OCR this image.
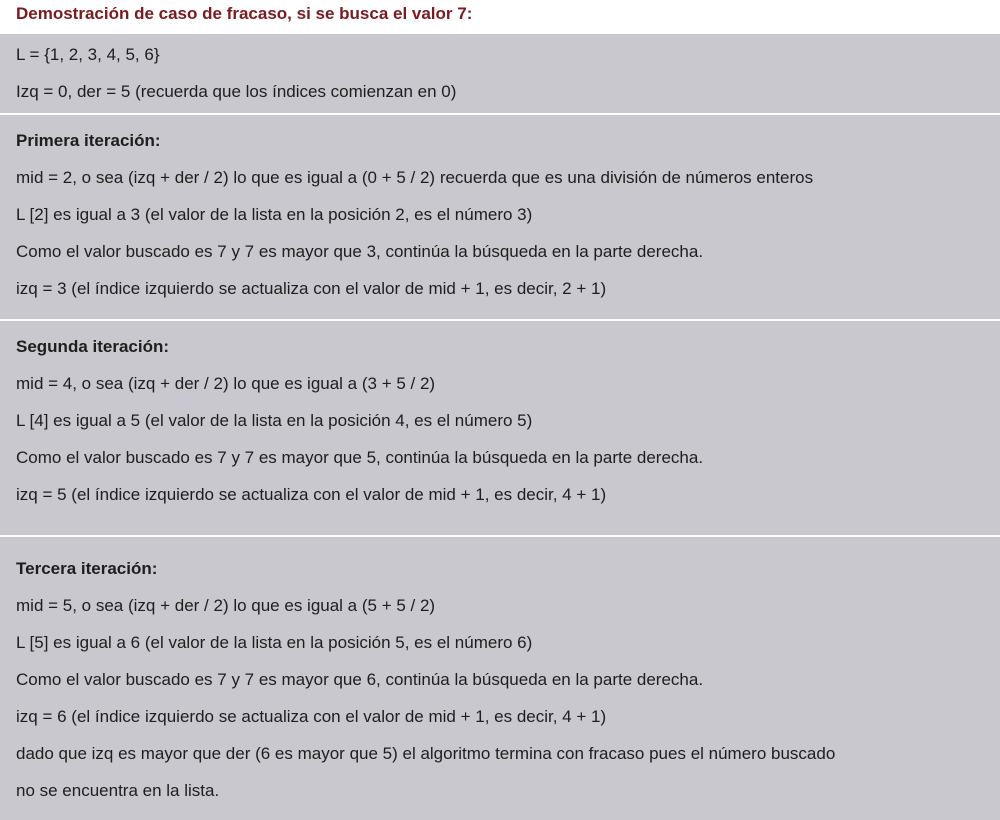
Demostración de caso de fracaso, si se busca el valor 7:
L = {1, 2, 3, 4, 5, 6}
Izq = 0, der = 5 (recuerda que los índices comienzan en 0)
Primera iteración:
mid = 2, o sea (izq + der / 2) lo que es igual a (0 + 5 / 2) recuerda que es una división de números enteros
L [2] es igual a 3 (el valor de la lista en la posición 2, es el número 3)
Como el valor buscado es 7 y 7 es mayor que 3, continúa la búsqueda en la parte derecha.
izq = 3 (el índice izquierdo se actualiza con el valor de mid + 1, es decir, 2 + 1)
Segunda iteración:
mid = 4, o sea (izq + der / 2) lo que es igual a (3 + 5 / 2)
L [4] es igual a 5 (el valor de la lista en la posición 4, es el número 5)
Como el valor buscado es 7 y 7 es mayor que 5, continúa la búsqueda en la parte derecha.
izq = 5 (el índice izquierdo se actualiza con el valor de mid + 1, es decir, 4 + 1)
Tercera iteración:
mid = 5, o sea (izq + der / 2) lo que es igual a (5 + 5 / 2)
L [5] es igual a 6 (el valor de la lista en la posición 5, es el número 6)
Como el valor buscado es 7 y 7 es mayor que 6, continúa la búsqueda en la parte derecha.
izq = 6 (el índice izquierdo se actualiza con el valor de mid + 1, es decir, 4 + 1)
dado que izq es mayor que der (6 es mayor que 5) el algoritmo termina con fracaso pues el número buscado
no se encuentra en la lista.
